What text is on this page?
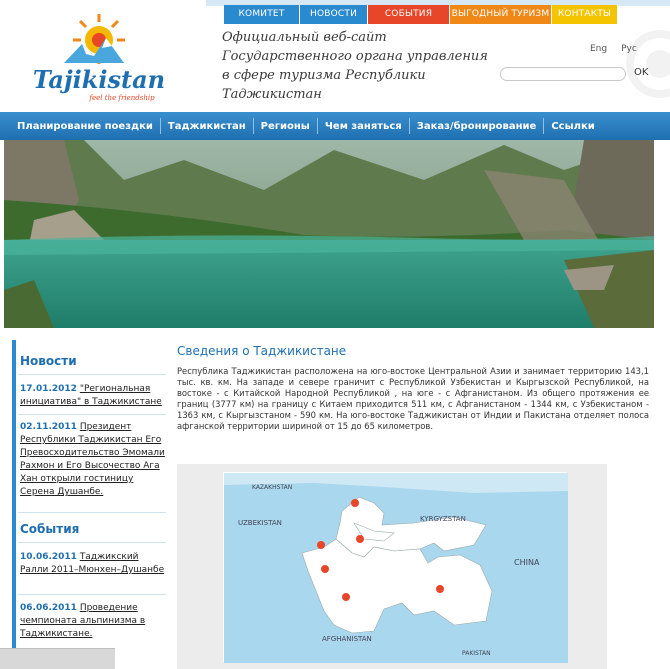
Tajikistan
feel the friendship
КОМИТЕТ	НОВОСТИ	СОБЫТИЯ	ВЫГОДНЫЙ ТУРИЗМ КОНТАКТЫ
Официальный веб-сайт Государственного органа управления в сфере туризма Республики Таджикистан
Eng Рус
OK
Планирование поездки Таджикистан Регионы Чем заняться Заказ/бронирование Ссылки
Новости
17.01.2012 "Региональная инициатива" в Таджикистане
02.11.2011 Президент Республики Таджикистан Его Превосходительство Эмомали Рахмон и Его Высочество Ага Хан открыли гостиницу Серена Душанбе.
События
10.06.2011 Таджикский Ралли 2011–Мюнхен–Душанбе
06.06.2011 Проведение чемпионата альпинизма в Таджикистане.
Сведения о Таджикистане
Республика Таджикистан расположена на юго-востоке Центральной Азии и занимает территорию 143,1 тыс. кв. км. На западе и севере граничит с Республикой Узбекистан и Кыргызской Республикой, на востоке - с Китайской Народной Республикой , на юге - с Афганистаном. Из общего протяжения ее границ (3777 км) на границу с Китаем приходится 511 км, с Афганистаном - 1344 км, с Узбекистаном - 1363 км, с Кыргызстаном - 590 км. На юго-востоке Таджикистан от Индии и Пакистана отделяет полоса афганской территории шириной от 15 до 65 километров.
KAZAKHSTAN
UZBEKISTAN	KYRGYZSTAN
CHINA
AFGHANISTAN
PAKISTAN
